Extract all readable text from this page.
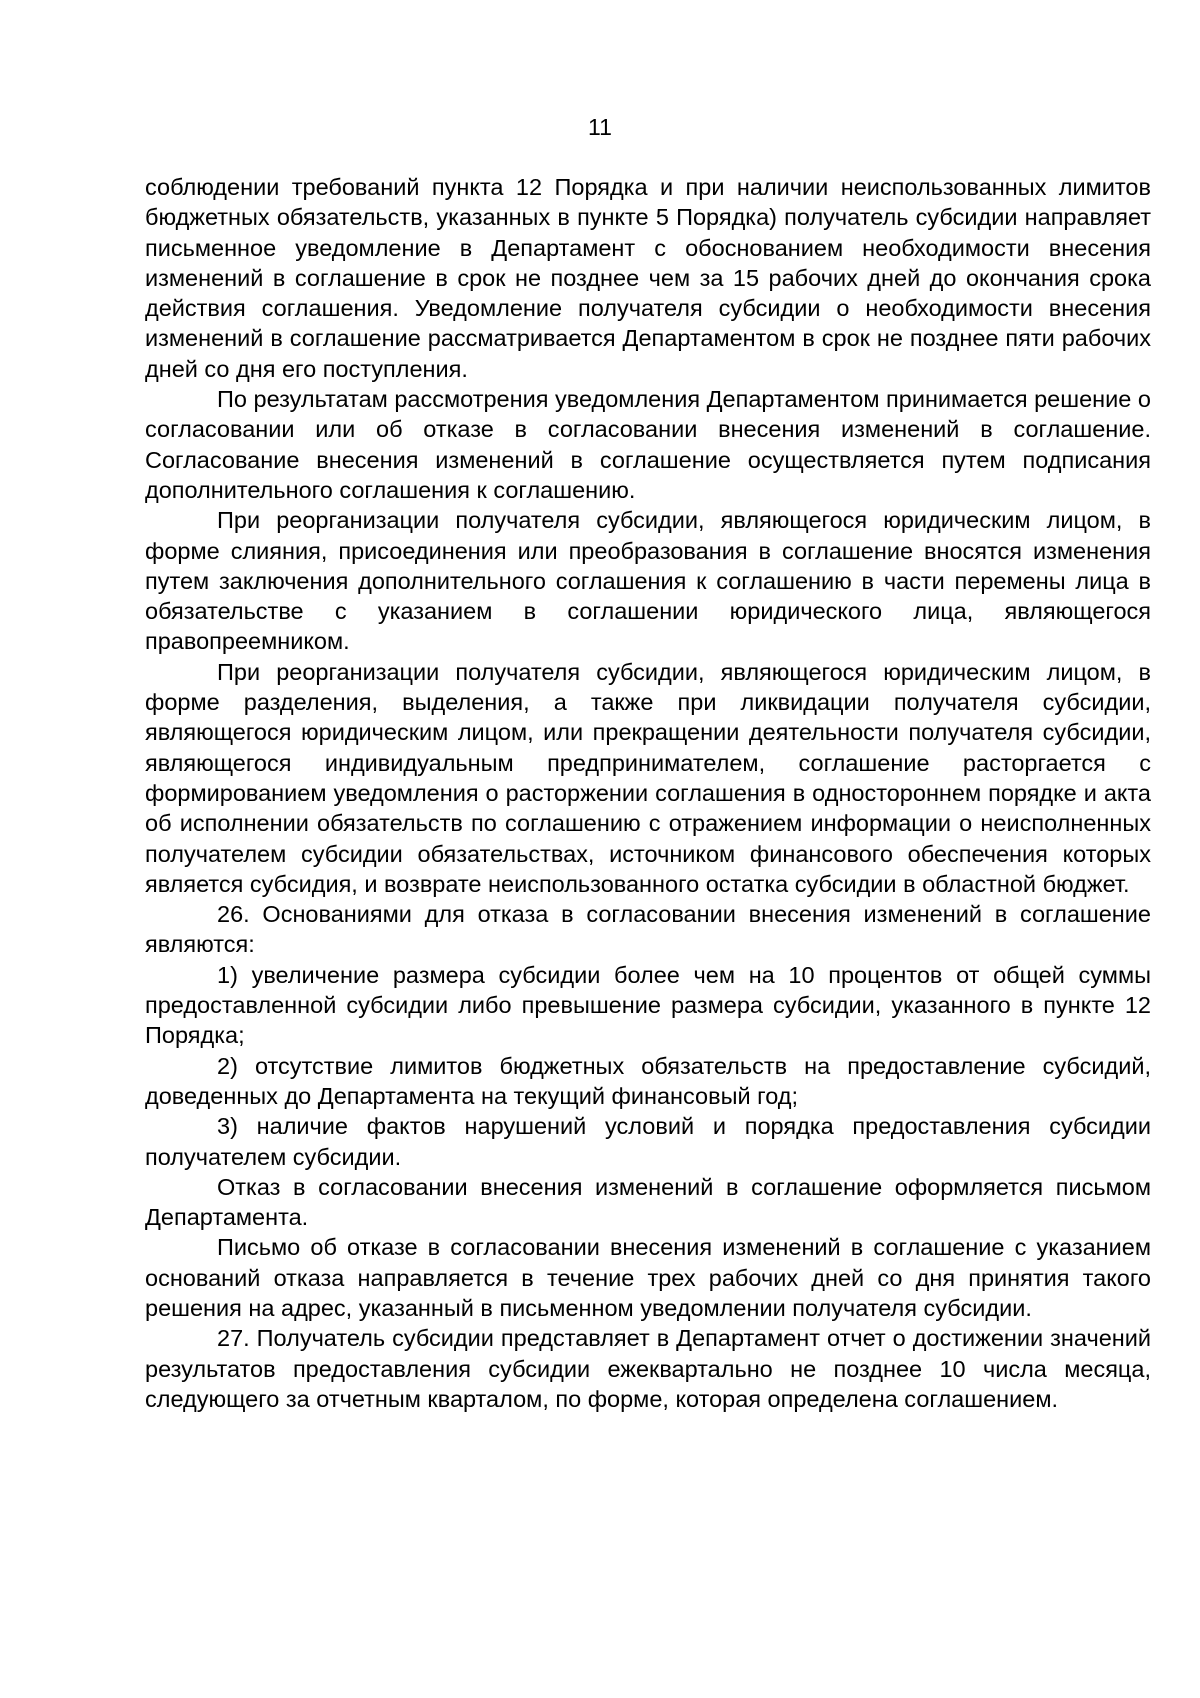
11

соблюдении требований пункта 12 Порядка и при наличии неиспользованных лимитов бюджетных обязательств, указанных в пункте 5 Порядка) получатель субсидии направляет письменное уведомление в Департамент с обоснованием необходимости внесения изменений в соглашение в срок не позднее чем за 15 рабочих дней до окончания срока действия соглашения. Уведомление получателя субсидии о необходимости внесения изменений в соглашение рассматривается Департаментом в срок не позднее пяти рабочих дней со дня его поступления.

По результатам рассмотрения уведомления Департаментом принимается решение о согласовании или об отказе в согласовании внесения изменений в соглашение. Согласование внесения изменений в соглашение осуществляется путем подписания дополнительного соглашения к соглашению.

При реорганизации получателя субсидии, являющегося юридическим лицом, в форме слияния, присоединения или преобразования в соглашение вносятся изменения путем заключения дополнительного соглашения к соглашению в части перемены лица в обязательстве с указанием в соглашении юридического лица, являющегося правопреемником.

При реорганизации получателя субсидии, являющегося юридическим лицом, в форме разделения, выделения, а также при ликвидации получателя субсидии, являющегося юридическим лицом, или прекращении деятельности получателя субсидии, являющегося индивидуальным предпринимателем, соглашение расторгается с формированием уведомления о расторжении соглашения в одностороннем порядке и акта об исполнении обязательств по соглашению с отражением информации о неисполненных получателем субсидии обязательствах, источником финансового обеспечения которых является субсидия, и возврате неиспользованного остатка субсидии в областной бюджет.

26. Основаниями для отказа в согласовании внесения изменений в соглашение являются:

1) увеличение размера субсидии более чем на 10 процентов от общей суммы предоставленной субсидии либо превышение размера субсидии, указанного в пункте 12 Порядка;

2) отсутствие лимитов бюджетных обязательств на предоставление субсидий, доведенных до Департамента на текущий финансовый год;

3) наличие фактов нарушений условий и порядка предоставления субсидии получателем субсидии.

Отказ в согласовании внесения изменений в соглашение оформляется письмом Департамента.

Письмо об отказе в согласовании внесения изменений в соглашение с указанием оснований отказа направляется в течение трех рабочих дней со дня принятия такого решения на адрес, указанный в письменном уведомлении получателя субсидии.

27. Получатель субсидии представляет в Департамент отчет о достижении значений результатов предоставления субсидии ежеквартально не позднее 10 числа месяца, следующего за отчетным кварталом, по форме, которая определена соглашением.
